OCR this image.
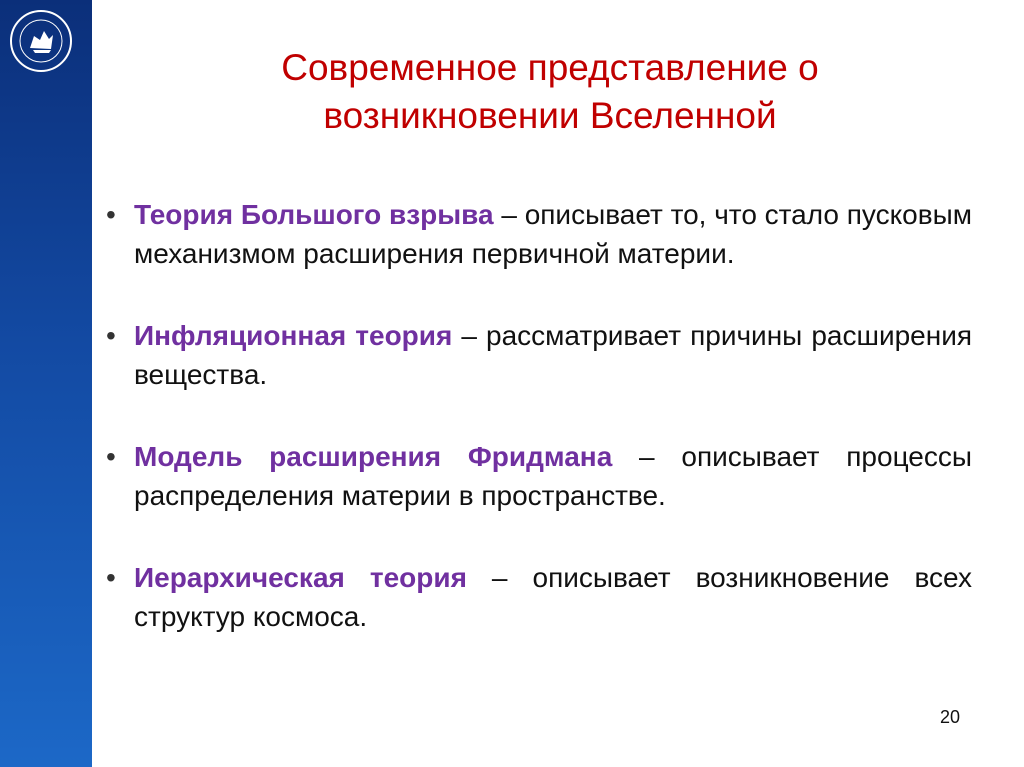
Современное представление о возникновении Вселенной
• Теория Большого взрыва – описывает то, что стало пусковым механизмом расширения первичной материи.
• Инфляционная теория – рассматривает причины расширения вещества.
• Модель расширения Фридмана – описывает процессы распределения материи в пространстве.
• Иерархическая теория – описывает возникновение всех структур космоса.
20
